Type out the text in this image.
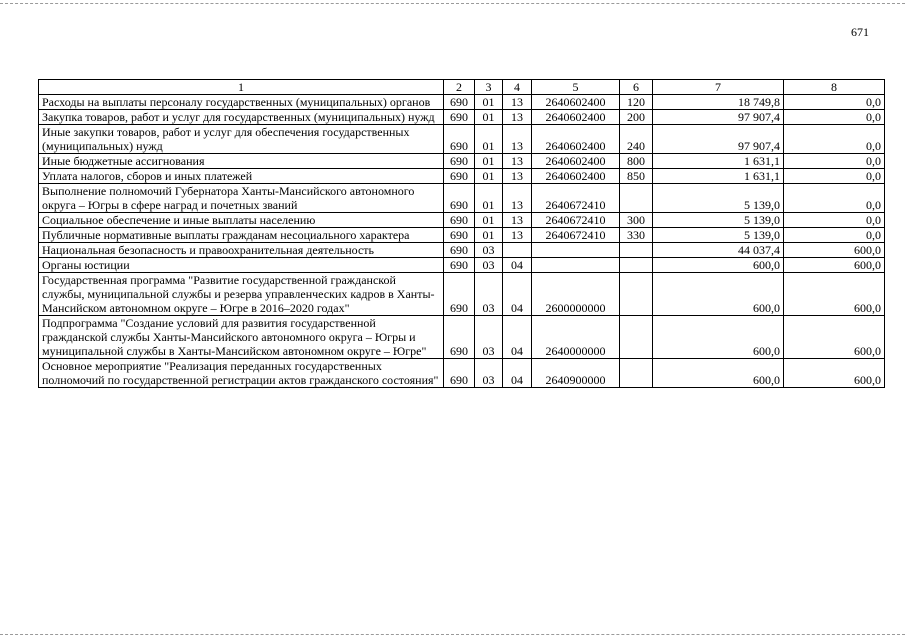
671
1	2	3	4	5	6	7	8
Расходы на выплаты персоналу государственных (муниципальных) органов	690	01	13	2640602400	120	18 749,8	0,0
Закупка товаров, работ и услуг для государственных (муниципальных) нужд	690	01	13	2640602400	200	97 907,4	0,0
Иные закупки товаров, работ и услуг для обеспечения государственных (муниципальных) нужд	690	01	13	2640602400	240	97 907,4	0,0
Иные бюджетные ассигнования	690	01	13	2640602400	800	1 631,1	0,0
Уплата налогов, сборов и иных платежей	690	01	13	2640602400	850	1 631,1	0,0
Выполнение полномочий Губернатора Ханты-Мансийского автономного округа – Югры в сфере наград и почетных званий	690	01	13	2640672410		5 139,0	0,0
Социальное обеспечение и иные выплаты населению	690	01	13	2640672410	300	5 139,0	0,0
Публичные нормативные выплаты гражданам несоциального характера	690	01	13	2640672410	330	5 139,0	0,0
Национальная безопасность и правоохранительная деятельность	690	03				44 037,4	600,0
Органы юстиции	690	03	04			600,0	600,0
Государственная программа "Развитие государственной гражданской службы, муниципальной службы и резерва управленческих кадров в Ханты-Мансийском автономном округе – Югре в 2016–2020 годах"	690	03	04	2600000000		600,0	600,0
Подпрограмма "Создание условий для развития государственной гражданской службы Ханты-Мансийского автономного округа – Югры и муниципальной службы в Ханты-Мансийском автономном округе – Югре"	690	03	04	2640000000		600,0	600,0
Основное мероприятие "Реализация переданных государственных полномочий по государственной регистрации актов гражданского состояния"	690	03	04	2640900000		600,0	600,0
